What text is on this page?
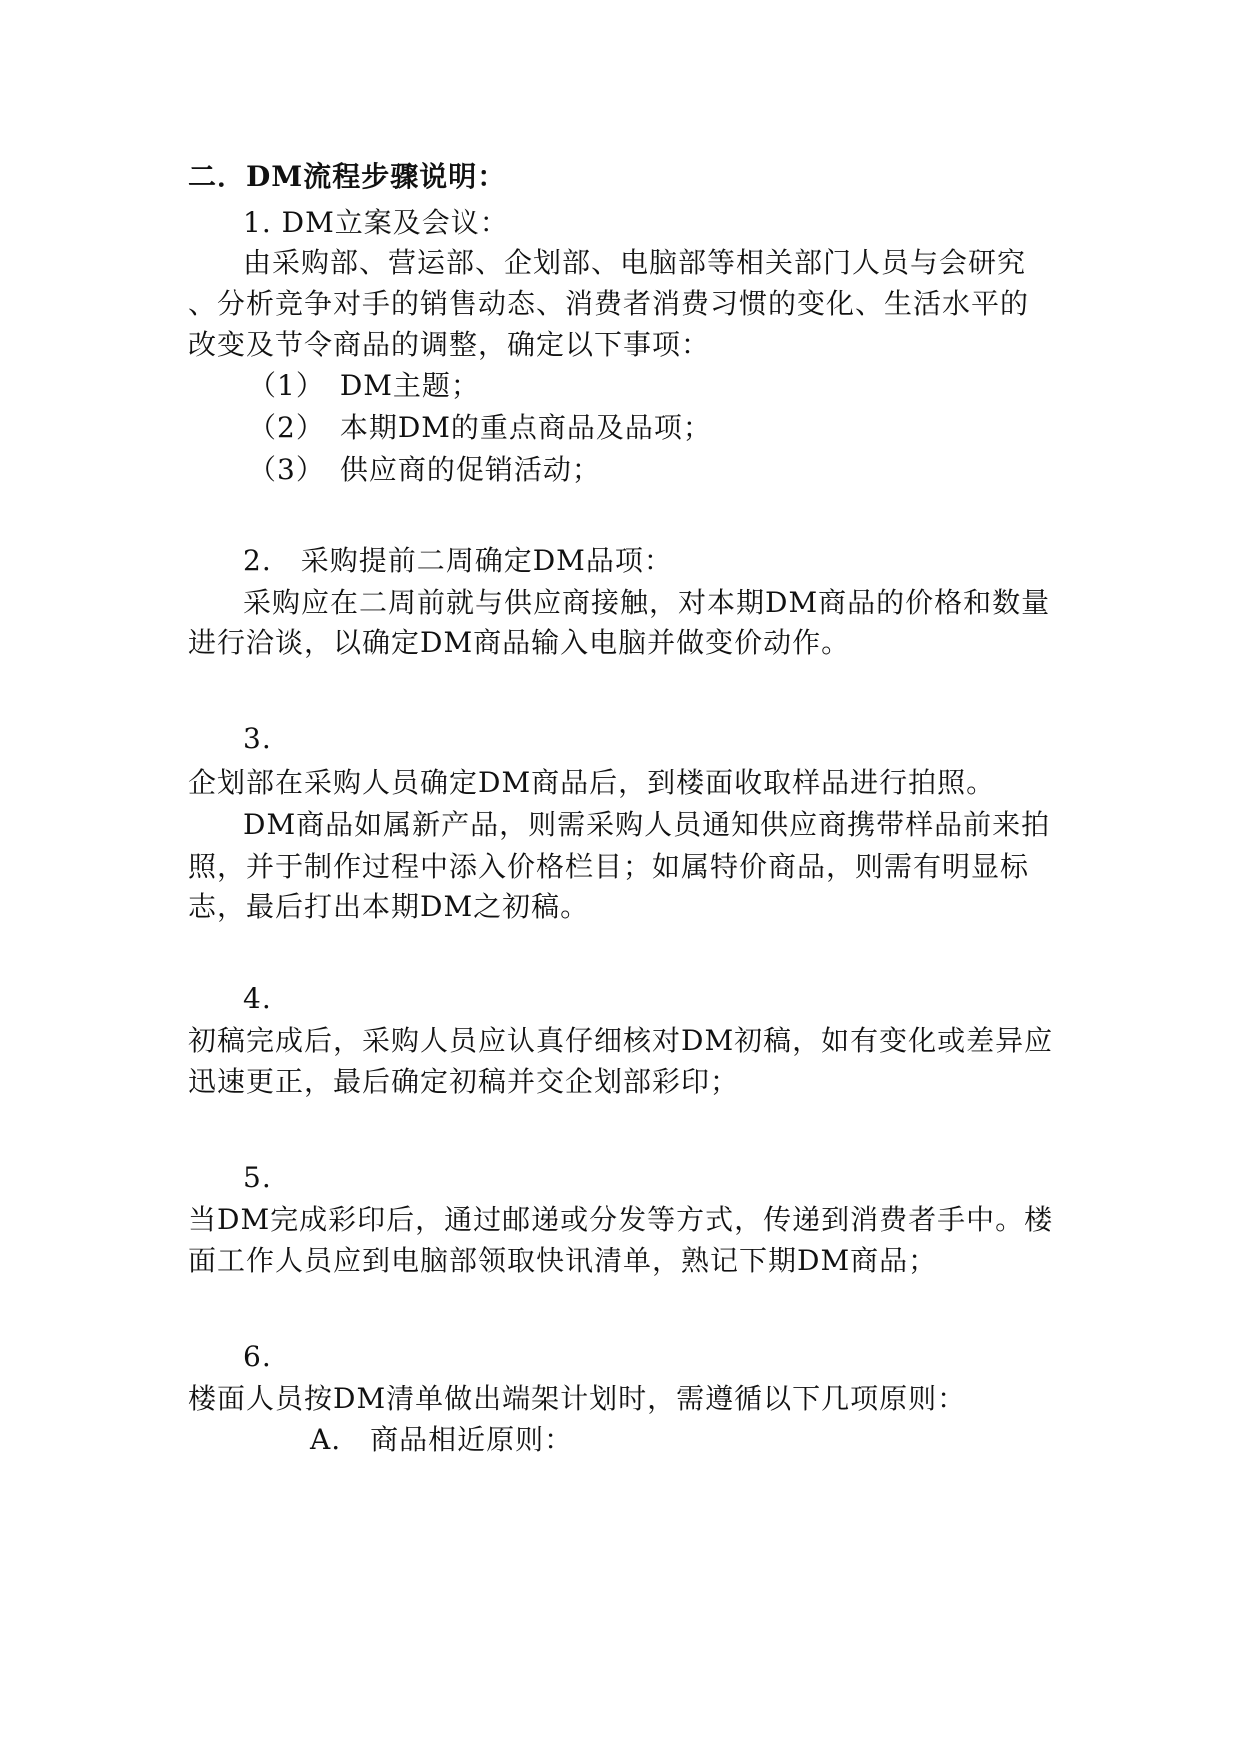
二．DM流程步骤说明：
1. DM立案及会议：
由采购部、营运部、企划部、电脑部等相关部门人员与会研究
、分析竞争对手的销售动态、消费者消费习惯的变化、生活水平的
改变及节令商品的调整，确定以下事项：
（1）　DM主题；
（2）　本期DM的重点商品及品项；
（3）　供应商的促销活动；
2.　采购提前二周确定DM品项：
采购应在二周前就与供应商接触，对本期DM商品的价格和数量
进行洽谈，以确定DM商品输入电脑并做变价动作。
3.
企划部在采购人员确定DM商品后，到楼面收取样品进行拍照。
DM商品如属新产品，则需采购人员通知供应商携带样品前来拍
照，并于制作过程中添入价格栏目；如属特价商品，则需有明显标
志，最后打出本期DM之初稿。
4.
初稿完成后，采购人员应认真仔细核对DM初稿，如有变化或差异应
迅速更正，最后确定初稿并交企划部彩印；
5.
当DM完成彩印后，通过邮递或分发等方式，传递到消费者手中。楼
面工作人员应到电脑部领取快讯清单，熟记下期DM商品；
6.
楼面人员按DM清单做出端架计划时，需遵循以下几项原则：
A.　商品相近原则：
